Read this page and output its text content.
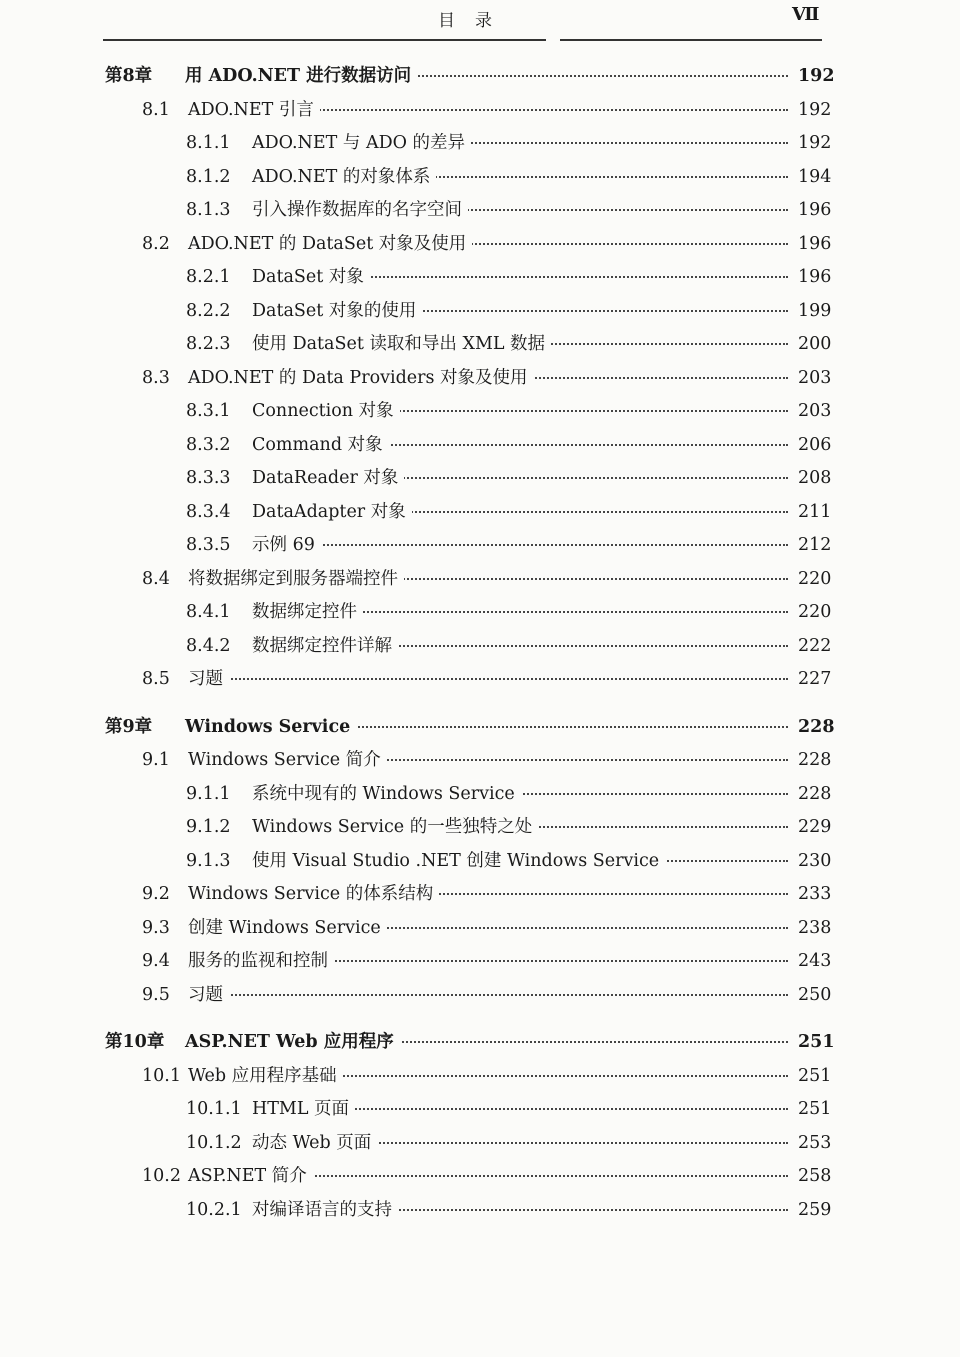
目录	Ⅶ
第8章 用 ADO.NET 进行数据访问	192
8.1 ADO.NET 引言	192
8.1.1 ADO.NET 与 ADO 的差异	192
8.1.2 ADO.NET 的对象体系	194
8.1.3 引入操作数据库的名字空间	196
8.2 ADO.NET 的 DataSet 对象及使用	196
8.2.1 DataSet 对象	196
8.2.2 DataSet 对象的使用	199
8.2.3 使用 DataSet 读取和导出 XML 数据	200
8.3 ADO.NET 的 Data Providers 对象及使用	203
8.3.1 Connection 对象	203
8.3.2 Command 对象	206
8.3.3 DataReader 对象	208
8.3.4 DataAdapter 对象	211
8.3.5 示例 69	212
8.4 将数据绑定到服务器端控件	220
8.4.1 数据绑定控件	220
8.4.2 数据绑定控件详解	222
8.5 习题	227
第9章 Windows Service	228
9.1 Windows Service 简介	228
9.1.1 系统中现有的 Windows Service	228
9.1.2 Windows Service 的一些独特之处	229
9.1.3 使用 Visual Studio .NET 创建 Windows Service	230
9.2 Windows Service 的体系结构	233
9.3 创建 Windows Service	238
9.4 服务的监视和控制	243
9.5 习题	250
第10章 ASP.NET Web 应用程序	251
10.1 Web 应用程序基础	251
10.1.1 HTML 页面	251
10.1.2 动态 Web 页面	253
10.2 ASP.NET 简介	258
10.2.1 对编译语言的支持	259
